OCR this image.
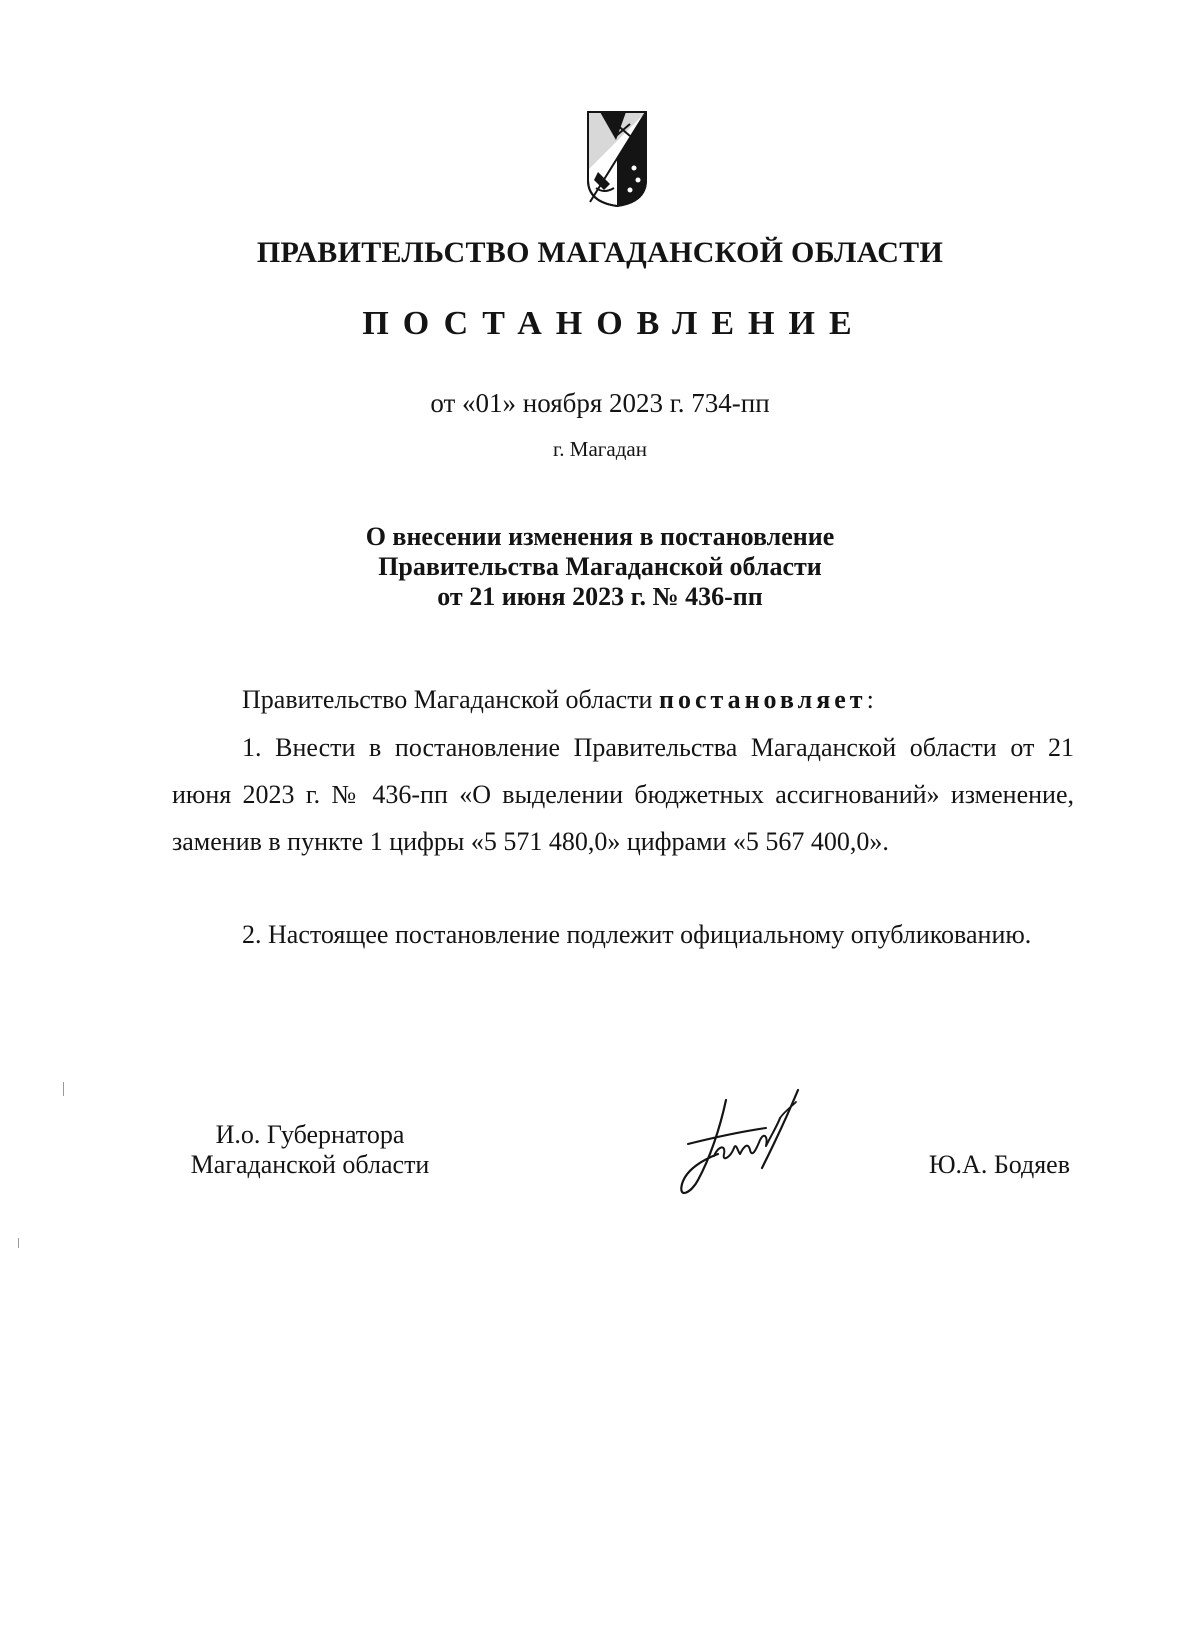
ПРАВИТЕЛЬСТВО МАГАДАНСКОЙ ОБЛАСТИ
ПОСТАНОВЛЕНИЕ
от «01» ноября 2023 г. 734-пп
г. Магадан
О внесении изменения в постановление
Правительства Магаданской области
от 21 июня 2023 г. № 436-пп
Правительство Магаданской области постановляет:
1. Внести в постановление Правительства Магаданской области от 21 июня 2023 г. № 436-пп «О выделении бюджетных ассигнований» изменение, заменив в пункте 1 цифры «5 571 480,0» цифрами «5 567 400,0».
2. Настоящее постановление подлежит официальному опубликованию.
И.о. Губернатора
Магаданской области	Ю.А. Бодяев
